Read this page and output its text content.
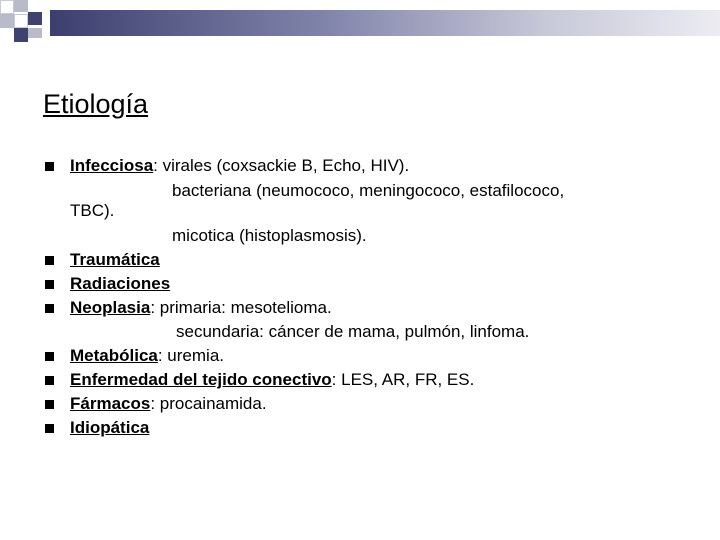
Etiología
Infecciosa: virales (coxsackie B, Echo, HIV).
bacteriana (neumococo, meningococo, estafilococo,
TBC).
micotica (histoplasmosis).
Traumática
Radiaciones
Neoplasia: primaria: mesotelioma.
secundaria: cáncer de mama, pulmón, linfoma.
Metabólica: uremia.
Enfermedad del tejido conectivo: LES, AR, FR, ES.
Fármacos: procainamida.
Idiopática
